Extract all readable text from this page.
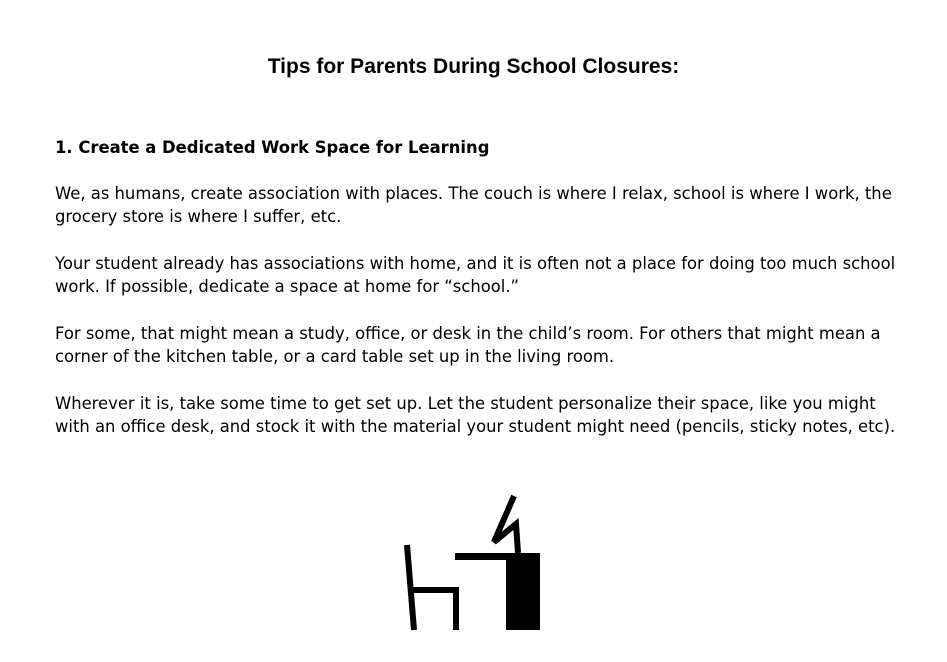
Tips for Parents During School Closures:

1. Create a Dedicated Work Space for Learning

We, as humans, create association with places. The couch is where I relax, school is where I work, the grocery store is where I suffer, etc.

Your student already has associations with home, and it is often not a place for doing too much school work. If possible, dedicate a space at home for “school.”

For some, that might mean a study, office, or desk in the child’s room. For others that might mean a corner of the kitchen table, or a card table set up in the living room.

Wherever it is, take some time to get set up. Let the student personalize their space, like you might with an office desk, and stock it with the material your student might need (pencils, sticky notes, etc).
